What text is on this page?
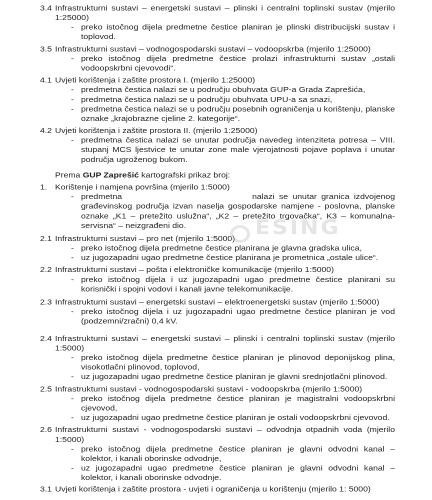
3.4 Infrastrukturni sustavi – energetski sustavi – plinski i centralni toplinski sustav (mjerilo 1:25000)
- preko istočnog dijela predmetne čestice planiran je plinski distribucijski sustav i toplovod.
3.5 Infrastrukturni sustavi – vodnogospodarski sustavi – vodoopskrba (mjerilo 1:25000)
- preko istočnog dijela predmetne čestice prolazi infrastrukturni sustav „ostali vodoopskrbni cjevovodi“.
4.1 Uvjeti korištenja i zaštite prostora I. (mjerilo 1:25000)
- predmetna čestica nalazi se u području obuhvata GUP-a Grada Zaprešića,
- predmetna čestica nalazi se u području obuhvata UPU-a sa snazi,
- predmetna čestica nalazi se u području posebnih ograničenja u korištenju, planske oznake „krajobrazne cjeline 2. kategorije“.
4.2 Uvjeti korištenja i zaštite prostora II. (mjerilo 1:25000)
- predmetna čestica nalazi se unutar područja navedeg intenziteta potresa – VIII. stupanj MCS ljestvice te unutar zone male vjerojatnosti pojave poplava i unutar područja ugroženog bukom.
Prema GUP Zaprešić kartografski prikaz broj:
1. Korištenje i namjena površina (mjerilo 1:5000)
- predmetna	nalazi se unutar granica izdvojenog građevinskog područja izvan naselja gospodarske namjene - poslovna, planske oznake „K1 – pretežito uslužna“, „K2 – pretežito trgovačka“, K3 – komunalna-servisna“ – neizgrađeni dio.
2.1 Infrastrukturni sustavi – pro net (mjerilo 1:5000)
- preko istočnog dijela predmetne čestice planirana je glavna gradska ulica,
- uz jugozapadni ugao predmetne čestice planirana je prometnica „ostale ulice“.
2.2 Infrastrukturni sustavi – pošta i elektroničke komunikacije (mjerilo 1:5000)
- preko istočnog dijela i uz jugozapadni ugao predmetne čestice planirani su korisnički i spojni vodovi i kanali javne telekomunikacije.
2.3 Infrastrukturni sustavi – energetski sustavi – elektroenergetski sustav (mjerilo 1:5000)
- preko istočnog dijela i uz jugozapadni ugao predmetne čestice planiran je vod (podzemni/zračni) 0,4 kV.
2.4 Infrastrukturni sustavi – energetski sustavi – plinski i centralni toplinski sustav (mjerilo 1:5000)
- preko istočnog dijela predmetne čestice planiran je plinovod deponijskog plina, visokotlačni plinovod, toplovod,
- uz jugozapadni ugao predmetne čestice planiran je glavni srednjotlačni plinovod.
2.5 Infrastrukturni sustavi - vodnogospodarski sustavi - vodoopskrba (mjerilo 1:5000)
- preko istočnog dijela predmetne čestice planiran je magistralni vodoopskrbni cjevovod,
- uz jugozapadni ugao predmetne čestice planiran je ostali vodoopskrbni cjevovod.
2.6 Infrastrukturni sustavi - vodnogospodarski sustavi – odvodnja otpadnih voda (mjerilo 1:5000)
- preko istočnog dijela predmetne čestice planiran je glavni odvodni kanal – kolektor, i kanali oborinske odvodnje,
- uz jugozapadni ugao predmetne čestice planiran je glavni odvodni kanal – kolektor, i kanali oborinske odvodnje.
3.1 Uvjeti korištenja i zaštite prostora - uvjeti i ograničenja u korištenju (mjerilo 1: 5000)
ESING
